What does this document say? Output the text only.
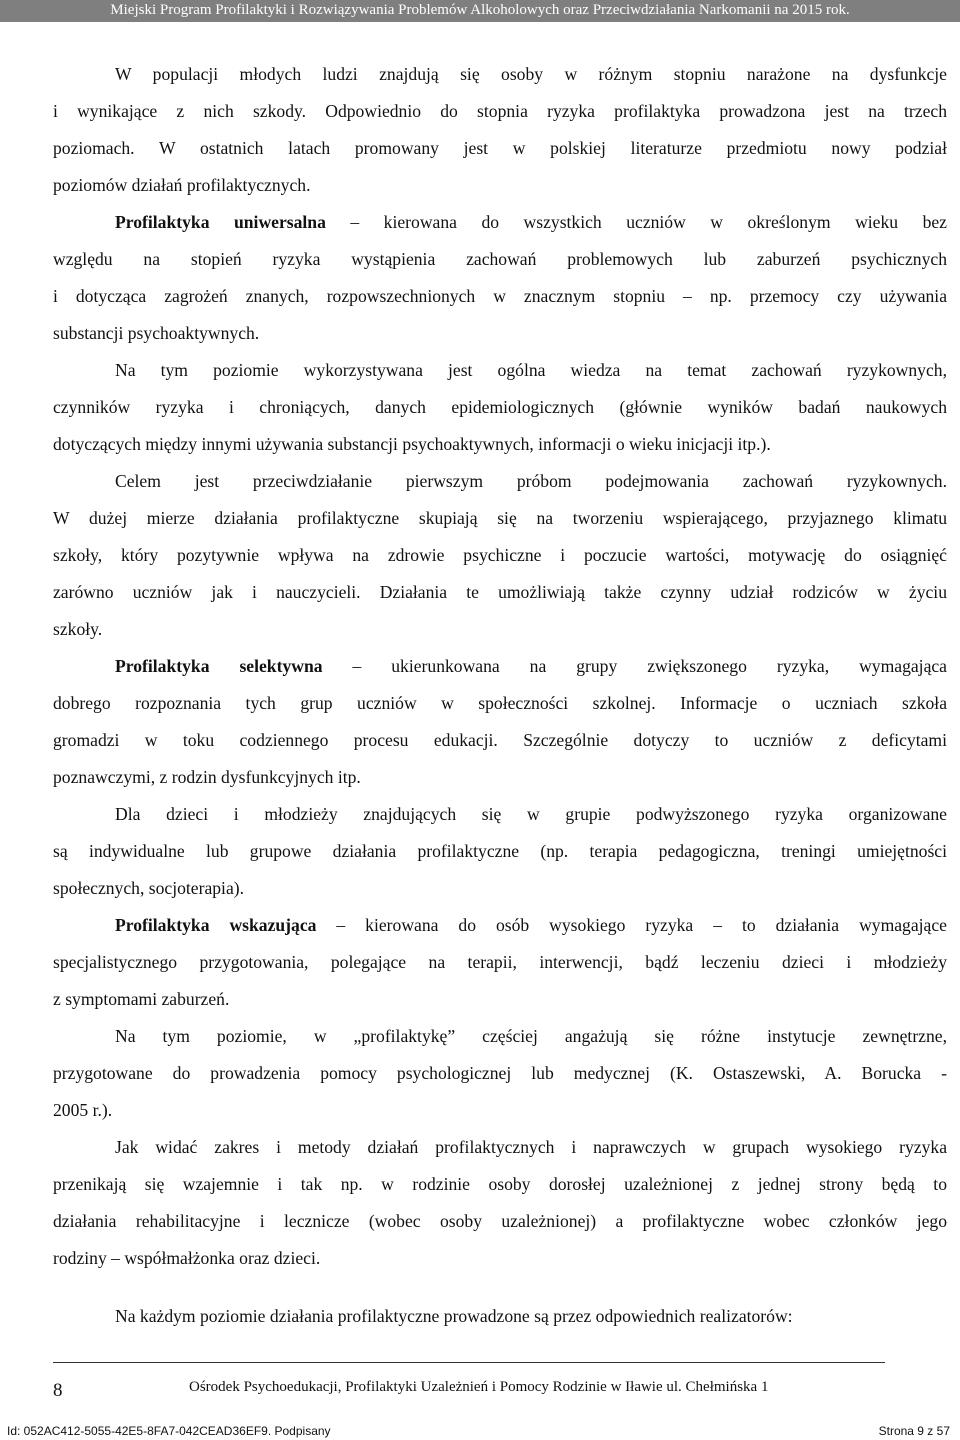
Miejski Program Profilaktyki i Rozwiązywania Problemów Alkoholowych oraz Przeciwdziałania Narkomanii na 2015 rok.
W populacji młodych ludzi znajdują się osoby w różnym stopniu narażone na dysfunkcje
i wynikające z nich szkody. Odpowiednio do stopnia ryzyka profilaktyka prowadzona jest na trzech
poziomach. W ostatnich latach promowany jest w polskiej literaturze przedmiotu nowy podział
poziomów działań profilaktycznych.
Profilaktyka uniwersalna – kierowana do wszystkich uczniów w określonym wieku bez
względu na stopień ryzyka wystąpienia zachowań problemowych lub zaburzeń psychicznych
i dotycząca zagrożeń znanych, rozpowszechnionych w znacznym stopniu – np. przemocy czy używania
substancji psychoaktywnych.
Na tym poziomie wykorzystywana jest ogólna wiedza na temat zachowań ryzykownych,
czynników ryzyka i chroniących, danych epidemiologicznych (głównie wyników badań naukowych
dotyczących między innymi używania substancji psychoaktywnych, informacji o wieku inicjacji itp.).
Celem jest przeciwdziałanie pierwszym próbom podejmowania zachowań ryzykownych.
W dużej mierze działania profilaktyczne skupiają się na tworzeniu wspierającego, przyjaznego klimatu
szkoły, który pozytywnie wpływa na zdrowie psychiczne i poczucie wartości, motywację do osiągnięć
zarówno uczniów jak i nauczycieli. Działania te umożliwiają także czynny udział rodziców w życiu
szkoły.
Profilaktyka selektywna – ukierunkowana na grupy zwiększonego ryzyka, wymagająca
dobrego rozpoznania tych grup uczniów w społeczności szkolnej. Informacje o uczniach szkoła
gromadzi w toku codziennego procesu edukacji. Szczególnie dotyczy to uczniów z deficytami
poznawczymi, z rodzin dysfunkcyjnych itp.
Dla dzieci i młodzieży znajdujących się w grupie podwyższonego ryzyka organizowane
są indywidualne lub grupowe działania profilaktyczne (np. terapia pedagogiczna, treningi umiejętności
społecznych, socjoterapia).
Profilaktyka wskazująca – kierowana do osób wysokiego ryzyka – to działania wymagające
specjalistycznego przygotowania, polegające na terapii, interwencji, bądź leczeniu dzieci i młodzieży
z symptomami zaburzeń.
Na tym poziomie, w „profilaktykę” częściej angażują się różne instytucje zewnętrzne,
przygotowane do prowadzenia pomocy psychologicznej lub medycznej (K. Ostaszewski, A. Borucka -
2005 r.).
Jak widać zakres i metody działań profilaktycznych i naprawczych w grupach wysokiego ryzyka
przenikają się wzajemnie i tak np. w rodzinie osoby dorosłej uzależnionej z jednej strony będą to
działania rehabilitacyjne i lecznicze (wobec osoby uzależnionej) a profilaktyczne wobec członków jego
rodziny – współmałżonka oraz dzieci.
Na każdym poziomie działania profilaktyczne prowadzone są przez odpowiednich realizatorów:
8	Ośrodek Psychoedukacji, Profilaktyki Uzależnień i Pomocy Rodzinie w Iławie ul. Chełmińska 1
Id: 052AC412-5055-42E5-8FA7-042CEAD36EF9. Podpisany	Strona 9 z 57
